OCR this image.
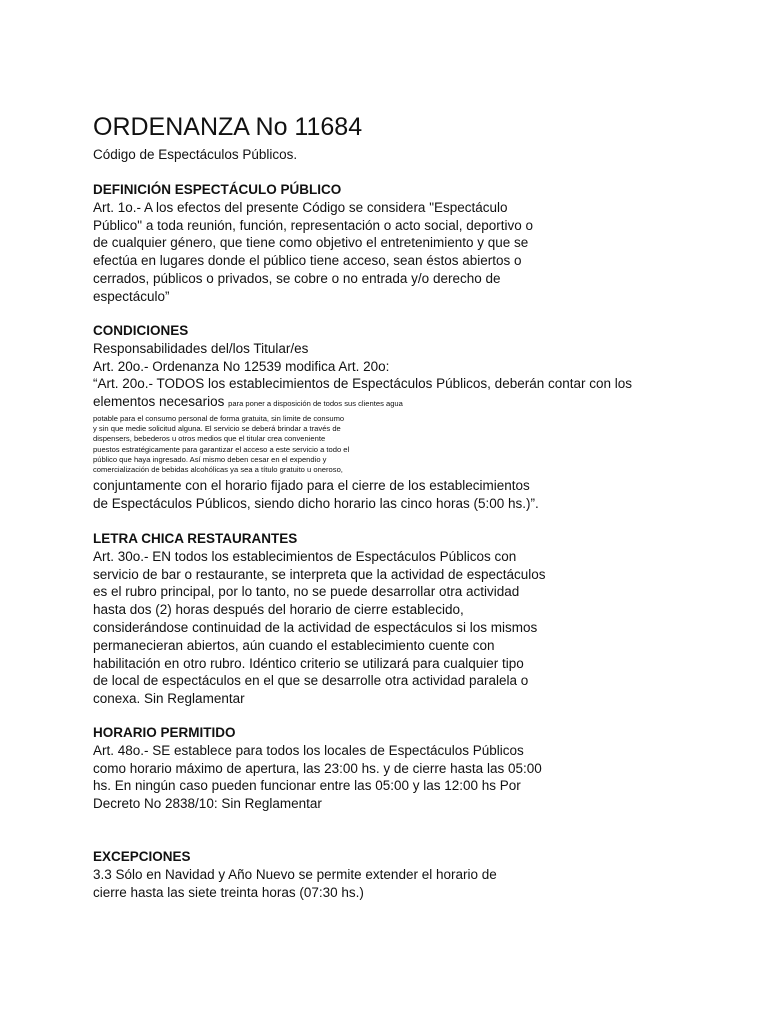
ORDENANZA No 11684
Código de Espectáculos Públicos.
DEFINICIÓN ESPECTÁCULO PÚBLICO
Art. 1o.- A los efectos del presente Código se considera "Espectáculo
Público" a toda reunión, función, representación o acto social, deportivo o
de cualquier género, que tiene como objetivo el entretenimiento y que se
efectúa en lugares donde el público tiene acceso, sean éstos abiertos o
cerrados, públicos o privados, se cobre o no entrada y/o derecho de
espectáculo”
CONDICIONES
Responsabilidades del/los Titular/es
Art. 20o.- Ordenanza No 12539 modifica Art. 20o:
“Art. 20o.- TODOS los establecimientos de Espectáculos Públicos, deberán contar con los
elementos necesarios para poner a disposición de todos sus clientes agua
potable para el consumo personal de forma gratuita, sin limite de consumo
y sin que medie solicitud alguna. El servicio se deberá brindar a través de
dispensers, bebederos u otros medios que el titular crea conveniente
puestos estratégicamente para garantizar el acceso a este servicio a todo el
público que haya ingresado. Así mismo deben cesar en el expendio y
comercialización de bebidas alcohólicas ya sea a título gratuito u oneroso,
conjuntamente con el horario fijado para el cierre de los establecimientos
de Espectáculos Públicos, siendo dicho horario las cinco horas (5:00 hs.)”.
LETRA CHICA RESTAURANTES
Art. 30o.- EN todos los establecimientos de Espectáculos Públicos con
servicio de bar o restaurante, se interpreta que la actividad de espectáculos
es el rubro principal, por lo tanto, no se puede desarrollar otra actividad
hasta dos (2) horas después del horario de cierre establecido,
considerándose continuidad de la actividad de espectáculos si los mismos
permanecieran abiertos, aún cuando el establecimiento cuente con
habilitación en otro rubro. Idéntico criterio se utilizará para cualquier tipo
de local de espectáculos en el que se desarrolle otra actividad paralela o
conexa. Sin Reglamentar
HORARIO PERMITIDO
Art. 48o.- SE establece para todos los locales de Espectáculos Públicos
como horario máximo de apertura, las 23:00 hs. y de cierre hasta las 05:00
hs. En ningún caso pueden funcionar entre las 05:00 y las 12:00 hs Por
Decreto No 2838/10: Sin Reglamentar
EXCEPCIONES
3.3 Sólo en Navidad y Año Nuevo se permite extender el horario de
cierre hasta las siete treinta horas (07:30 hs.)
